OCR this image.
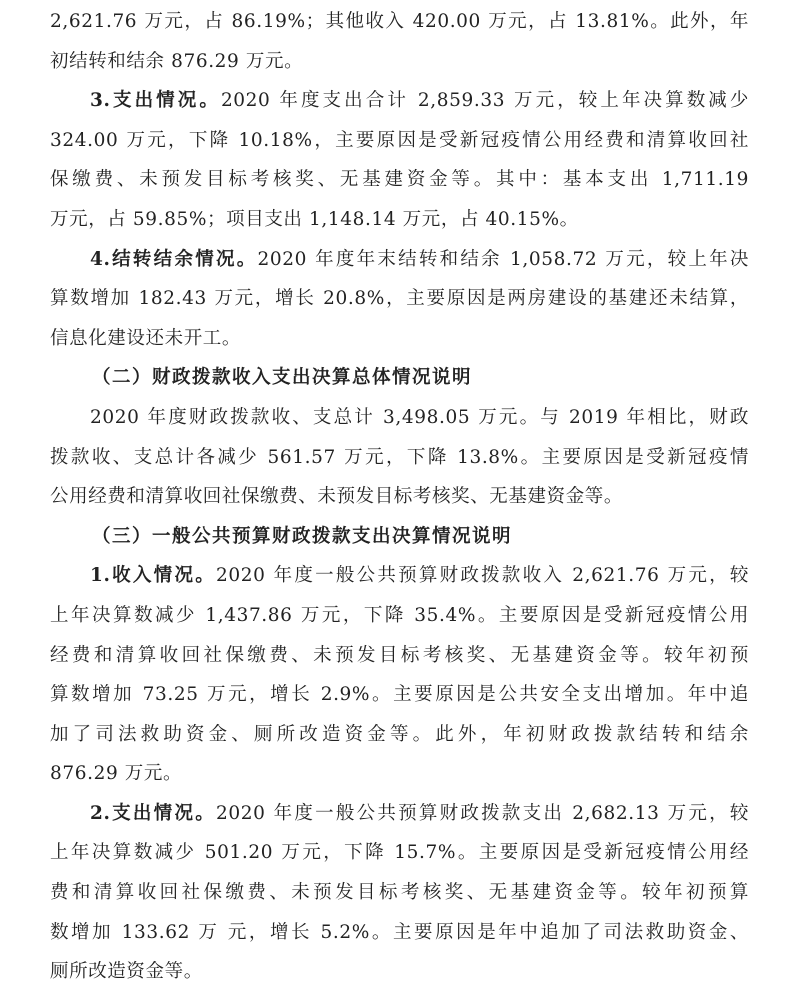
2,621.76 万元，占 86.19%；其他收入 420.00 万元，占 13.81%。此外，年
初结转和结余 876.29 万元。
3.支出情况。2020 年度支出合计 2,859.33 万元，较上年决算数减少
324.00 万元，下降 10.18%，主要原因是受新冠疫情公用经费和清算收回社
保缴费、未预发目标考核奖、无基建资金等。其中：基本支出 1,711.19
万元，占 59.85%；项目支出 1,148.14 万元，占 40.15%。
4.结转结余情况。2020 年度年末结转和结余 1,058.72 万元，较上年决
算数增加 182.43 万元，增长 20.8%，主要原因是两房建设的基建还未结算，
信息化建设还未开工。
（二）财政拨款收入支出决算总体情况说明
2020 年度财政拨款收、支总计 3,498.05 万元。与 2019 年相比，财政
拨款收、支总计各减少 561.57 万元，下降 13.8%。主要原因是受新冠疫情
公用经费和清算收回社保缴费、未预发目标考核奖、无基建资金等。
（三）一般公共预算财政拨款支出决算情况说明
1.收入情况。2020 年度一般公共预算财政拨款收入 2,621.76 万元，较
上年决算数减少 1,437.86 万元，下降 35.4%。主要原因是受新冠疫情公用
经费和清算收回社保缴费、未预发目标考核奖、无基建资金等。较年初预
算数增加 73.25 万元，增长 2.9%。主要原因是公共安全支出增加。年中追
加了司法救助资金、厕所改造资金等。此外，年初财政拨款结转和结余
876.29 万元。
2.支出情况。2020 年度一般公共预算财政拨款支出 2,682.13 万元，较
上年决算数减少 501.20 万元，下降 15.7%。主要原因是受新冠疫情公用经
费和清算收回社保缴费、未预发目标考核奖、无基建资金等。较年初预算
数增加 133.62 万 元，增长 5.2%。主要原因是年中追加了司法救助资金、
厕所改造资金等。
